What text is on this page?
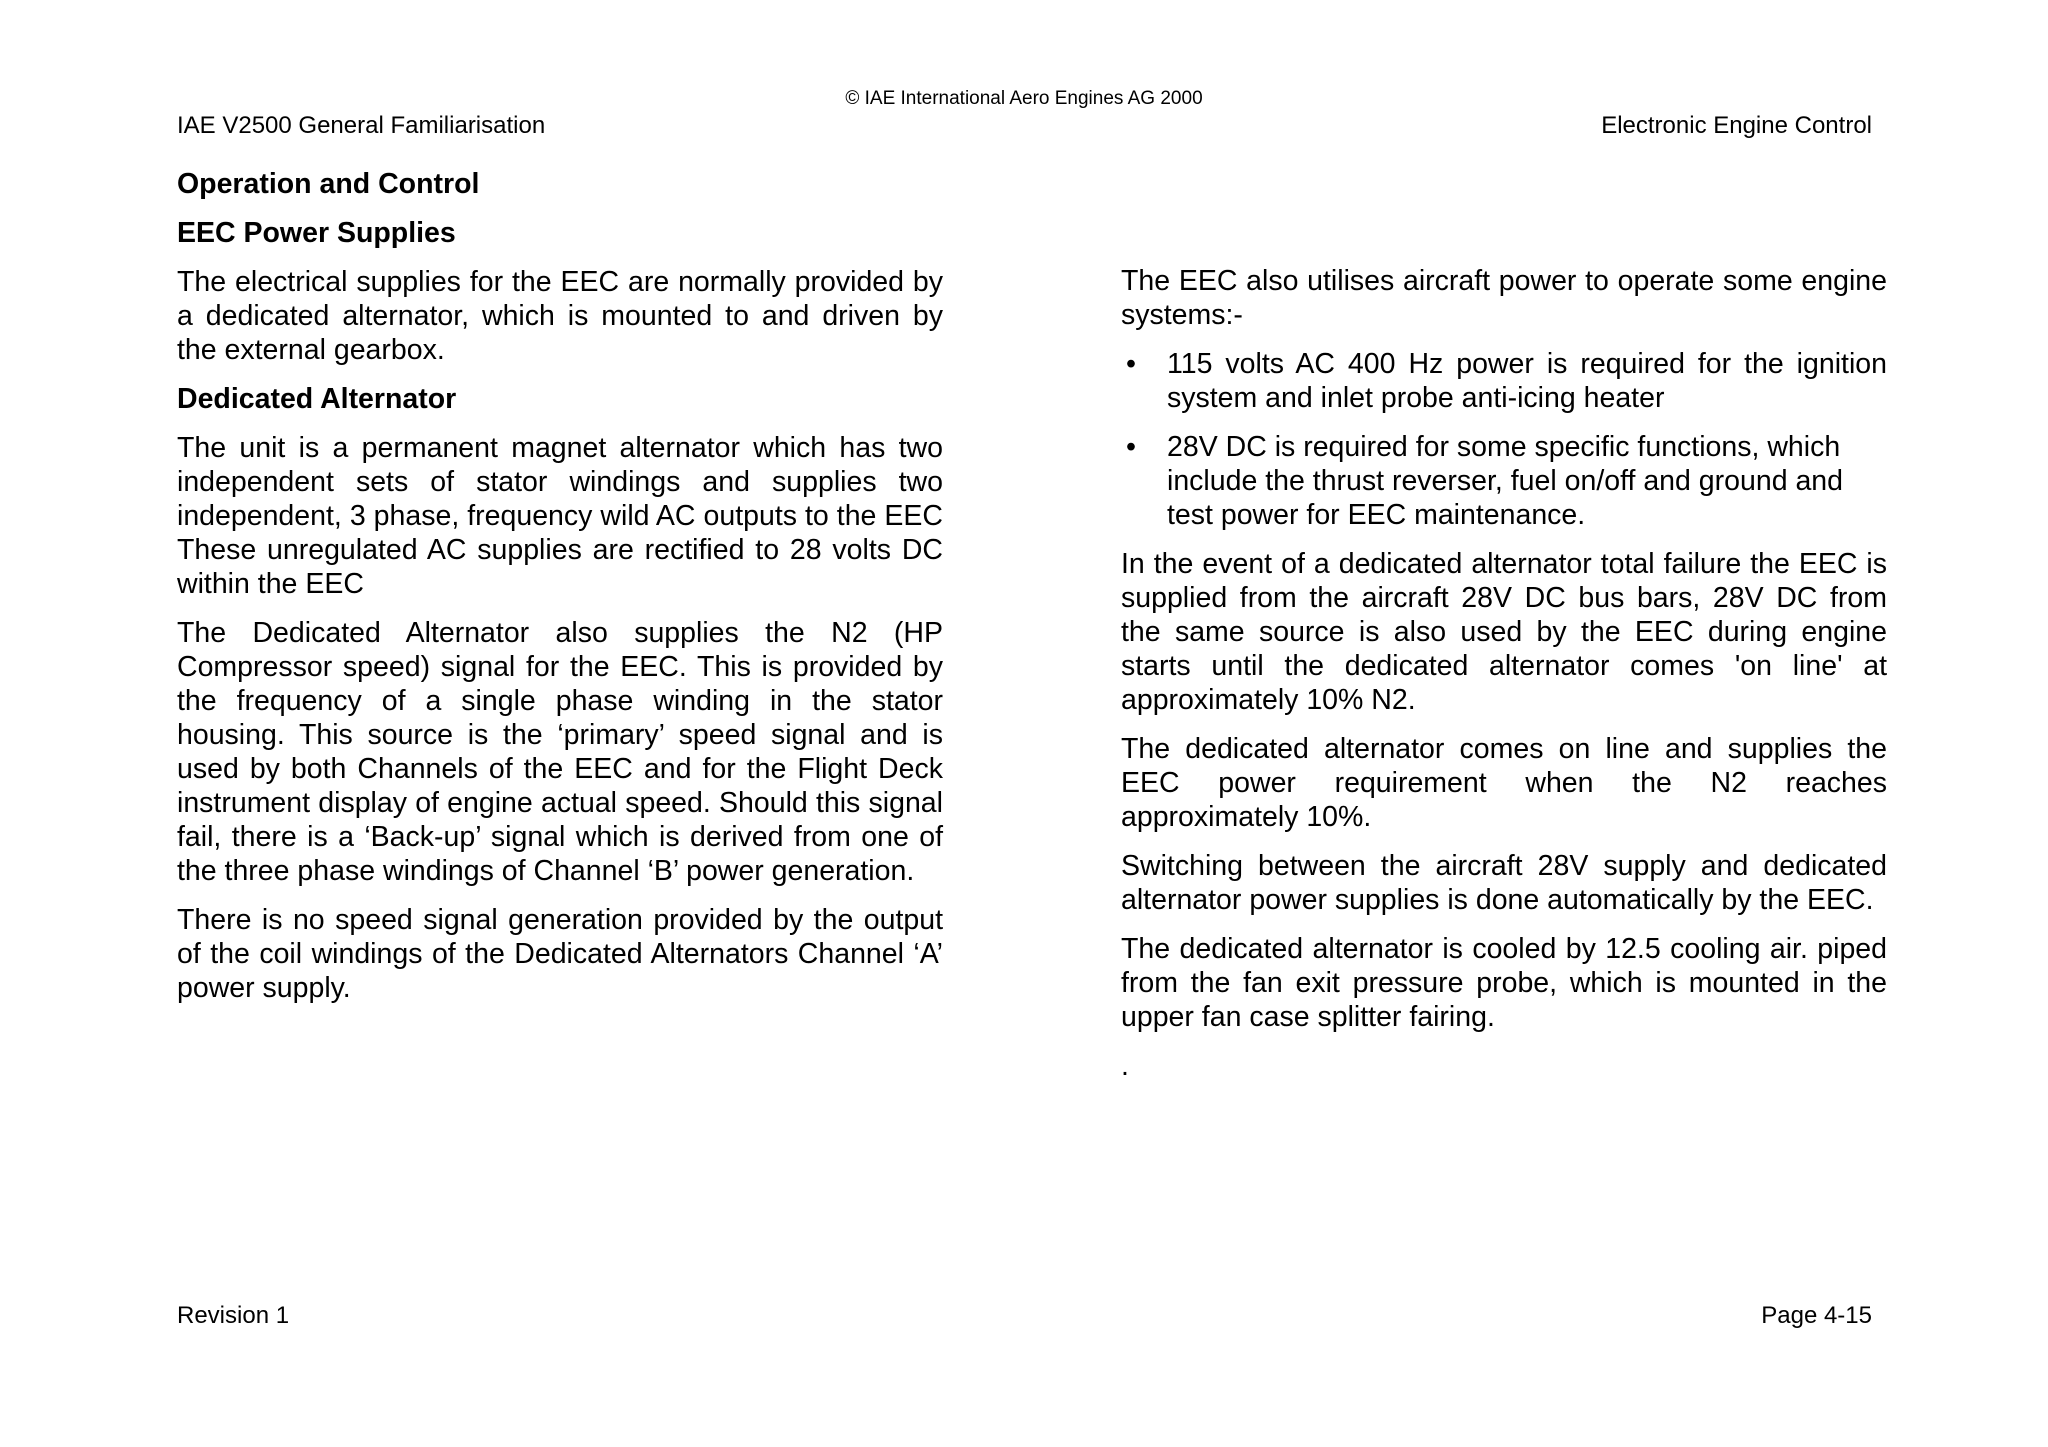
© IAE International Aero Engines AG 2000
IAE V2500 General Familiarisation	Electronic Engine Control
Operation and Control
EEC Power Supplies

The electrical supplies for the EEC are normally provided by a dedicated alternator, which is mounted to and driven by the external gearbox.

Dedicated Alternator

The unit is a permanent magnet alternator which has two independent sets of stator windings and supplies two independent, 3 phase, frequency wild AC outputs to the EEC These unregulated AC supplies are rectified to 28 volts DC within the EEC

The Dedicated Alternator also supplies the N2 (HP Compressor speed) signal for the EEC. This is provided by the frequency of a single phase winding in the stator housing. This source is the ‘primary’ speed signal and is used by both Channels of the EEC and for the Flight Deck instrument display of engine actual speed. Should this signal fail, there is a ‘Back-up’ signal which is derived from one of the three phase windings of Channel ‘B’ power generation.

There is no speed signal generation provided by the output of the coil windings of the Dedicated Alternators Channel ‘A’ power supply.

The EEC also utilises aircraft power to operate some engine systems:-

• 115 volts AC 400 Hz power is required for the ignition system and inlet probe anti-icing heater
• 28V DC is required for some specific functions, which include the thrust reverser, fuel on/off and ground and test power for EEC maintenance.

In the event of a dedicated alternator total failure the EEC is supplied from the aircraft 28V DC bus bars, 28V DC from the same source is also used by the EEC during engine starts until the dedicated alternator comes 'on line' at approximately 10% N2.

The dedicated alternator comes on line and supplies the EEC power requirement when the N2 reaches approximately 10%.

Switching between the aircraft 28V supply and dedicated alternator power supplies is done automatically by the EEC.

The dedicated alternator is cooled by 12.5 cooling air. piped from the fan exit pressure probe, which is mounted in the upper fan case splitter fairing.

.

Revision 1	Page 4-15
